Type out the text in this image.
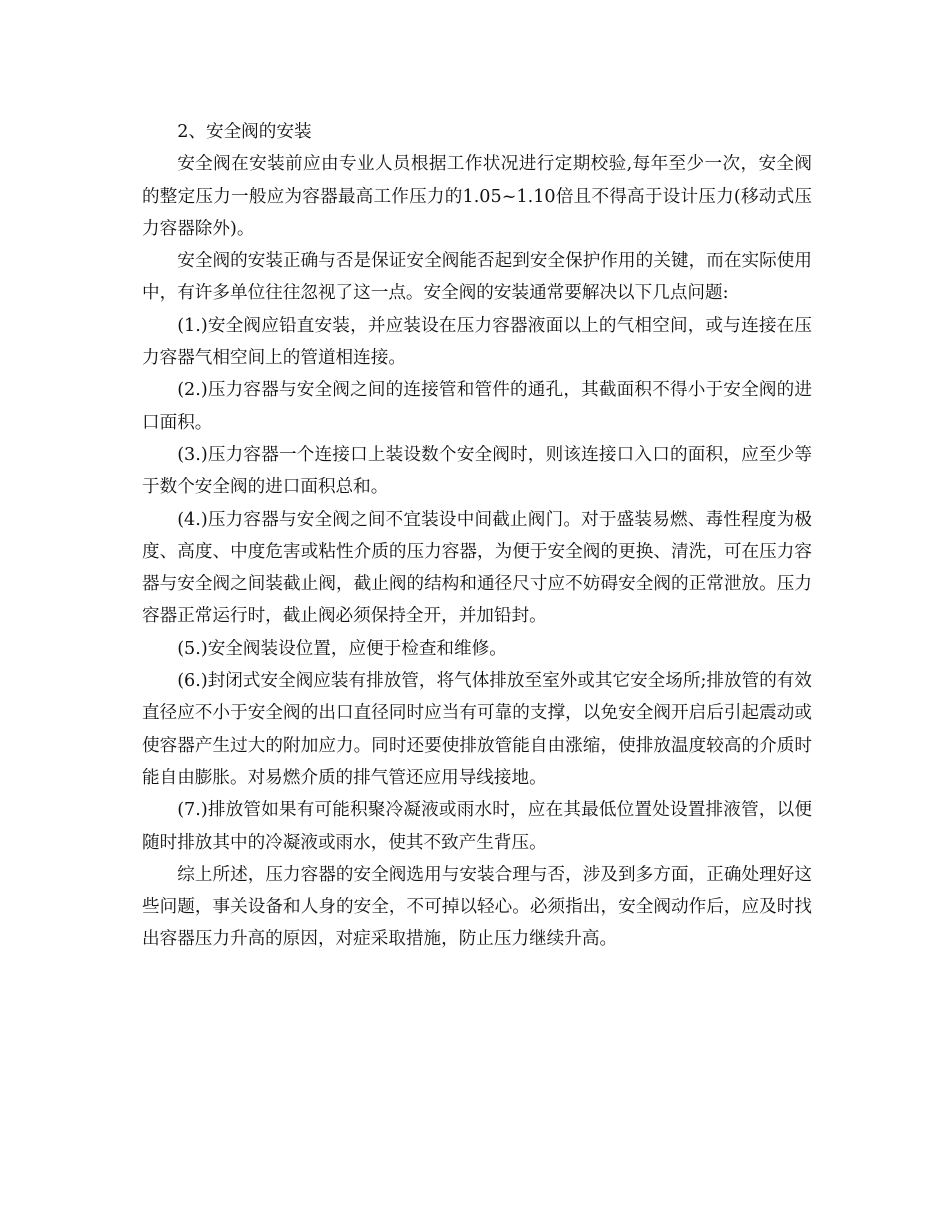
2、安全阀的安装

安全阀在安装前应由专业人员根据工作状况进行定期校验,每年至少一次，安全阀的整定压力一般应为容器最高工作压力的1.05~1.10倍且不得高于设计压力(移动式压力容器除外)。

安全阀的安装正确与否是保证安全阀能否起到安全保护作用的关键，而在实际使用中，有许多单位往往忽视了这一点。安全阀的安装通常要解决以下几点问题:

(1.)安全阀应铅直安装，并应装设在压力容器液面以上的气相空间，或与连接在压力容器气相空间上的管道相连接。

(2.)压力容器与安全阀之间的连接管和管件的通孔，其截面积不得小于安全阀的进口面积。

(3.)压力容器一个连接口上装设数个安全阀时，则该连接口入口的面积，应至少等于数个安全阀的进口面积总和。

(4.)压力容器与安全阀之间不宜装设中间截止阀门。对于盛装易燃、毒性程度为极度、高度、中度危害或粘性介质的压力容器，为便于安全阀的更换、清洗，可在压力容器与安全阀之间装截止阀，截止阀的结构和通径尺寸应不妨碍安全阀的正常泄放。压力容器正常运行时，截止阀必须保持全开，并加铅封。

(5.)安全阀装设位置，应便于检查和维修。

(6.)封闭式安全阀应装有排放管，将气体排放至室外或其它安全场所;排放管的有效直径应不小于安全阀的出口直径同时应当有可靠的支撑，以免安全阀开启后引起震动或使容器产生过大的附加应力。同时还要使排放管能自由涨缩，使排放温度较高的介质时能自由膨胀。对易燃介质的排气管还应用导线接地。

(7.)排放管如果有可能积聚冷凝液或雨水时，应在其最低位置处设置排液管，以便随时排放其中的冷凝液或雨水，使其不致产生背压。

综上所述，压力容器的安全阀选用与安装合理与否，涉及到多方面，正确处理好这些问题，事关设备和人身的安全，不可掉以轻心。必须指出，安全阀动作后，应及时找出容器压力升高的原因，对症采取措施，防止压力继续升高。
